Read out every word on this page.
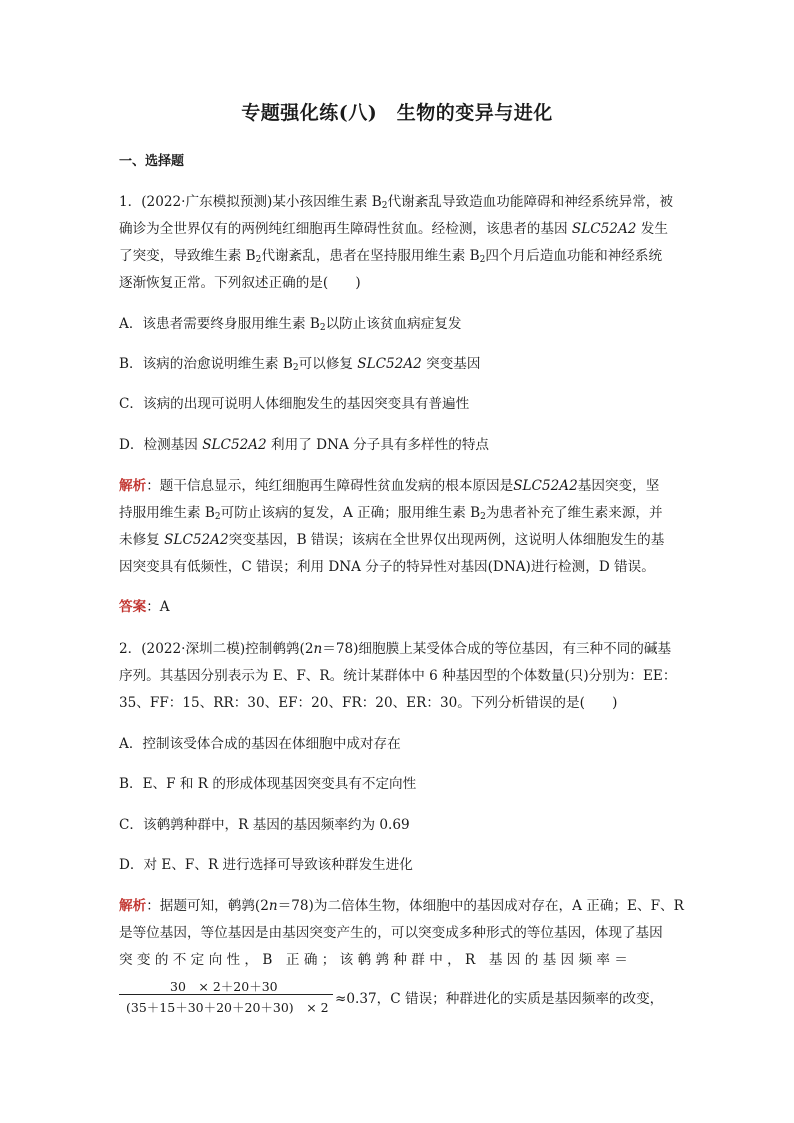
专题强化练(八)　生物的变异与进化
一、选择题
1．(2022·广东模拟预测)某小孩因维生素 $B_2$代谢紊乱导致造血功能障碍和神经系统异常，被
确诊为全世界仅有的两例纯红细胞再生障碍性贫血。经检测，该患者的基因 SLC52A2 发生
了突变，导致维生素 $B_2$代谢紊乱，患者在坚持服用维生素 $B_2$四个月后造血功能和神经系统
逐渐恢复正常。下列叙述正确的是(　　)
A．该患者需要终身服用维生素 $B_2$以防止该贫血病症复发
B．该病的治愈说明维生素 $B_2$可以修复 SLC52A2 突变基因
C．该病的出现可说明人体细胞发生的基因突变具有普遍性
D．检测基因 SLC52A2 利用了 DNA 分子具有多样性的特点
解析：题干信息显示，纯红细胞再生障碍性贫血发病的根本原因是SLC52A2基因突变，坚
持服用维生素 $B_2$可防止该病的复发，A 正确；服用维生素 $B_2$为患者补充了维生素来源，并
未修复 SLC52A2突变基因，B 错误；该病在全世界仅出现两例，这说明人体细胞发生的基
因突变具有低频性，C 错误；利用 DNA 分子的特异性对基因(DNA)进行检测，D 错误。
答案：A
2．(2022·深圳二模)控制鹌鹑(2n＝78)细胞膜上某受体合成的等位基因，有三种不同的碱基
序列。其基因分别表示为 E、F、R。统计某群体中 6 种基因型的个体数量(只)分别为：EE：
35、FF：15、RR：30、EF：20、FR：20、ER：30。下列分析错误的是(　　)
A．控制该受体合成的基因在体细胞中成对存在
B．E、F 和 R 的形成体现基因突变具有不定向性
C．该鹌鹑种群中，R 基因的基因频率约为 0.69
D．对 E、F、R 进行选择可导致该种群发生进化
解析：据题可知，鹌鹑(2n＝78)为二倍体生物，体细胞中的基因成对存在，A 正确；E、F、R
是等位基因，等位基因是由基因突变产生的，可以突变成多种形式的等位基因，体现了基因
突 变 的 不 定 向 性 ， B　正 确 ； 该 鹌 鹑 种 群 中 ， R　基 因 的 基 因 频 率 ＝
30　× 2＋20＋30
(35＋15＋30＋20＋20＋30)　× 2
≈0.37，C 错误；种群进化的实质是基因频率的改变，
